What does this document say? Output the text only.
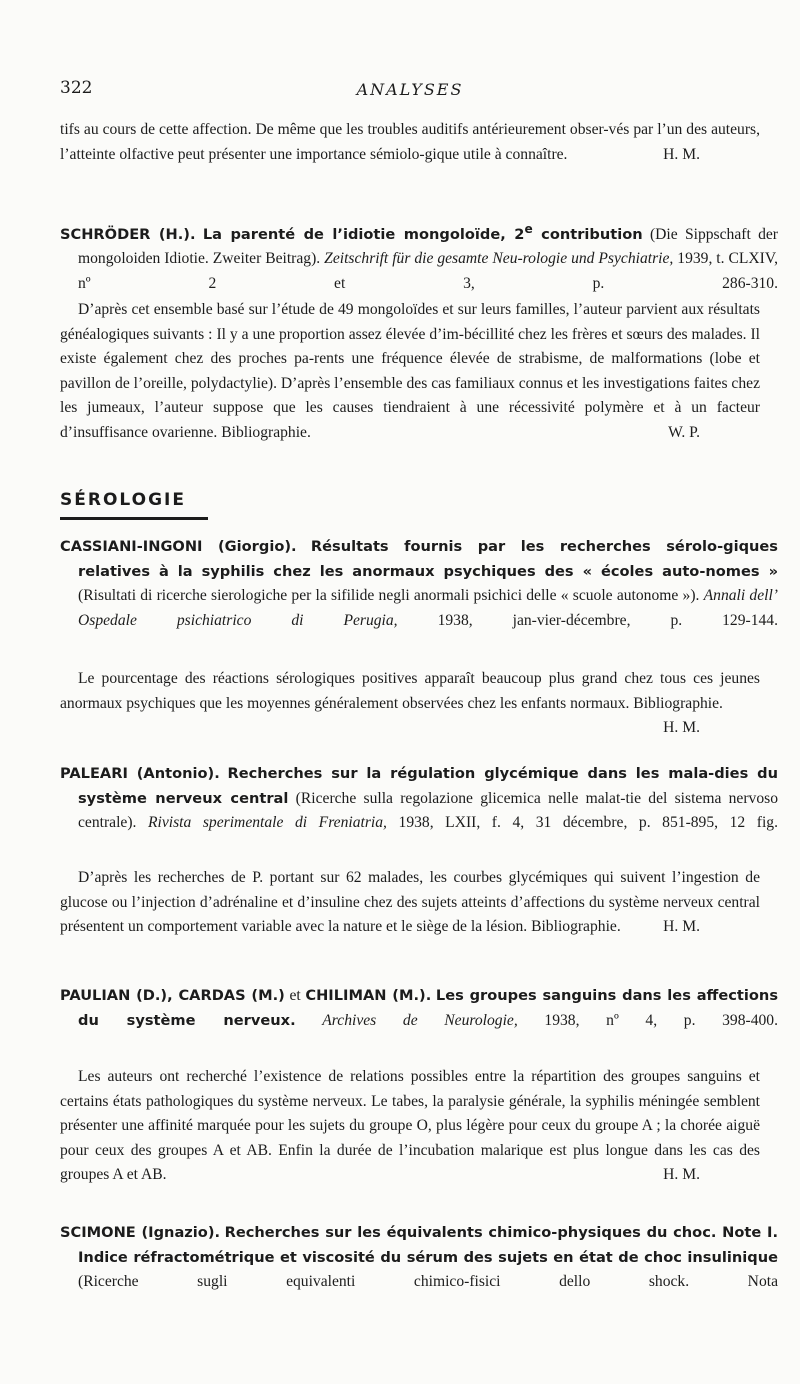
322	ANALYSES
tifs au cours de cette affection. De même que les troubles auditifs antérieurement obser-vés par l’un des auteurs, l’atteinte olfactive peut présenter une importance sémiolo-gique utile à connaître.	H. M.
SCHRÖDER (H.). La parenté de l’idiotie mongoloïde, 2e contribution (Die Sippschaft der mongoloiden Idiotie. Zweiter Beitrag). Zeitschrift für die gesamte Neu-rologie und Psychiatrie, 1939, t. CLXIV, nº 2 et 3, p. 286-310.
D’après cet ensemble basé sur l’étude de 49 mongoloïdes et sur leurs familles, l’auteur parvient aux résultats généalogiques suivants : Il y a une proportion assez élevée d’im-bécillité chez les frères et sœurs des malades. Il existe également chez des proches pa-rents une fréquence élevée de strabisme, de malformations (lobe et pavillon de l’oreille, polydactylie). D’après l’ensemble des cas familiaux connus et les investigations faites chez les jumeaux, l’auteur suppose que les causes tiendraient à une récessivité polymère et à un facteur d’insuffisance ovarienne. Bibliographie.	W. P.
SÉROLOGIE
CASSIANI-INGONI (Giorgio). Résultats fournis par les recherches sérolo-giques relatives à la syphilis chez les anormaux psychiques des « écoles auto-nomes » (Risultati di ricerche sierologiche per la sifilide negli anormali psichici delle « scuole autonome »). Annali dell’ Ospedale psichiatrico di Perugia,	1938, jan-vier-décembre, p. 129-144.
Le pourcentage des réactions sérologiques positives apparaît beaucoup plus grand chez tous ces jeunes anormaux psychiques que les moyennes généralement observées chez les enfants normaux. Bibliographie.
H. M.
PALEARI (Antonio). Recherches sur la régulation glycémique dans les mala-dies du système nerveux central (Ricerche sulla regolazione glicemica nelle malat-tie del sistema nervoso centrale). Rivista sperimentale di Freniatria, 1938, LXII, f. 4, 31 décembre, p. 851-895, 12 fig.
D’après les recherches de P. portant sur 62 malades, les courbes glycémiques qui suivent l’ingestion de glucose ou l’injection d’adrénaline et d’insuline chez des sujets atteints d’affections du système nerveux central présentent un comportement variable avec la nature et le siège de la lésion. Bibliographie.	H. M.
PAULIAN (D.), CARDAS (M.) et CHILIMAN (M.). Les groupes sanguins dans les affections du système nerveux. Archives de Neurologie, 1938, nº 4, p. 398-400.
Les auteurs ont recherché l’existence de relations possibles entre la répartition des groupes sanguins et certains états pathologiques du système nerveux. Le tabes, la paralysie générale, la syphilis méningée semblent présenter une affinité marquée pour les sujets du groupe O, plus légère pour ceux du groupe A ; la chorée aiguë pour ceux des groupes A et AB. Enfin la durée de l’incubation malarique est plus longue dans les cas des groupes A et AB.	H. M.
SCIMONE (Ignazio). Recherches sur les équivalents chimico-physiques du choc. Note I. Indice réfractométrique et viscosité du sérum des sujets en état de choc insulinique (Ricerche sugli equivalenti chimico-fisici dello shock. Nota
